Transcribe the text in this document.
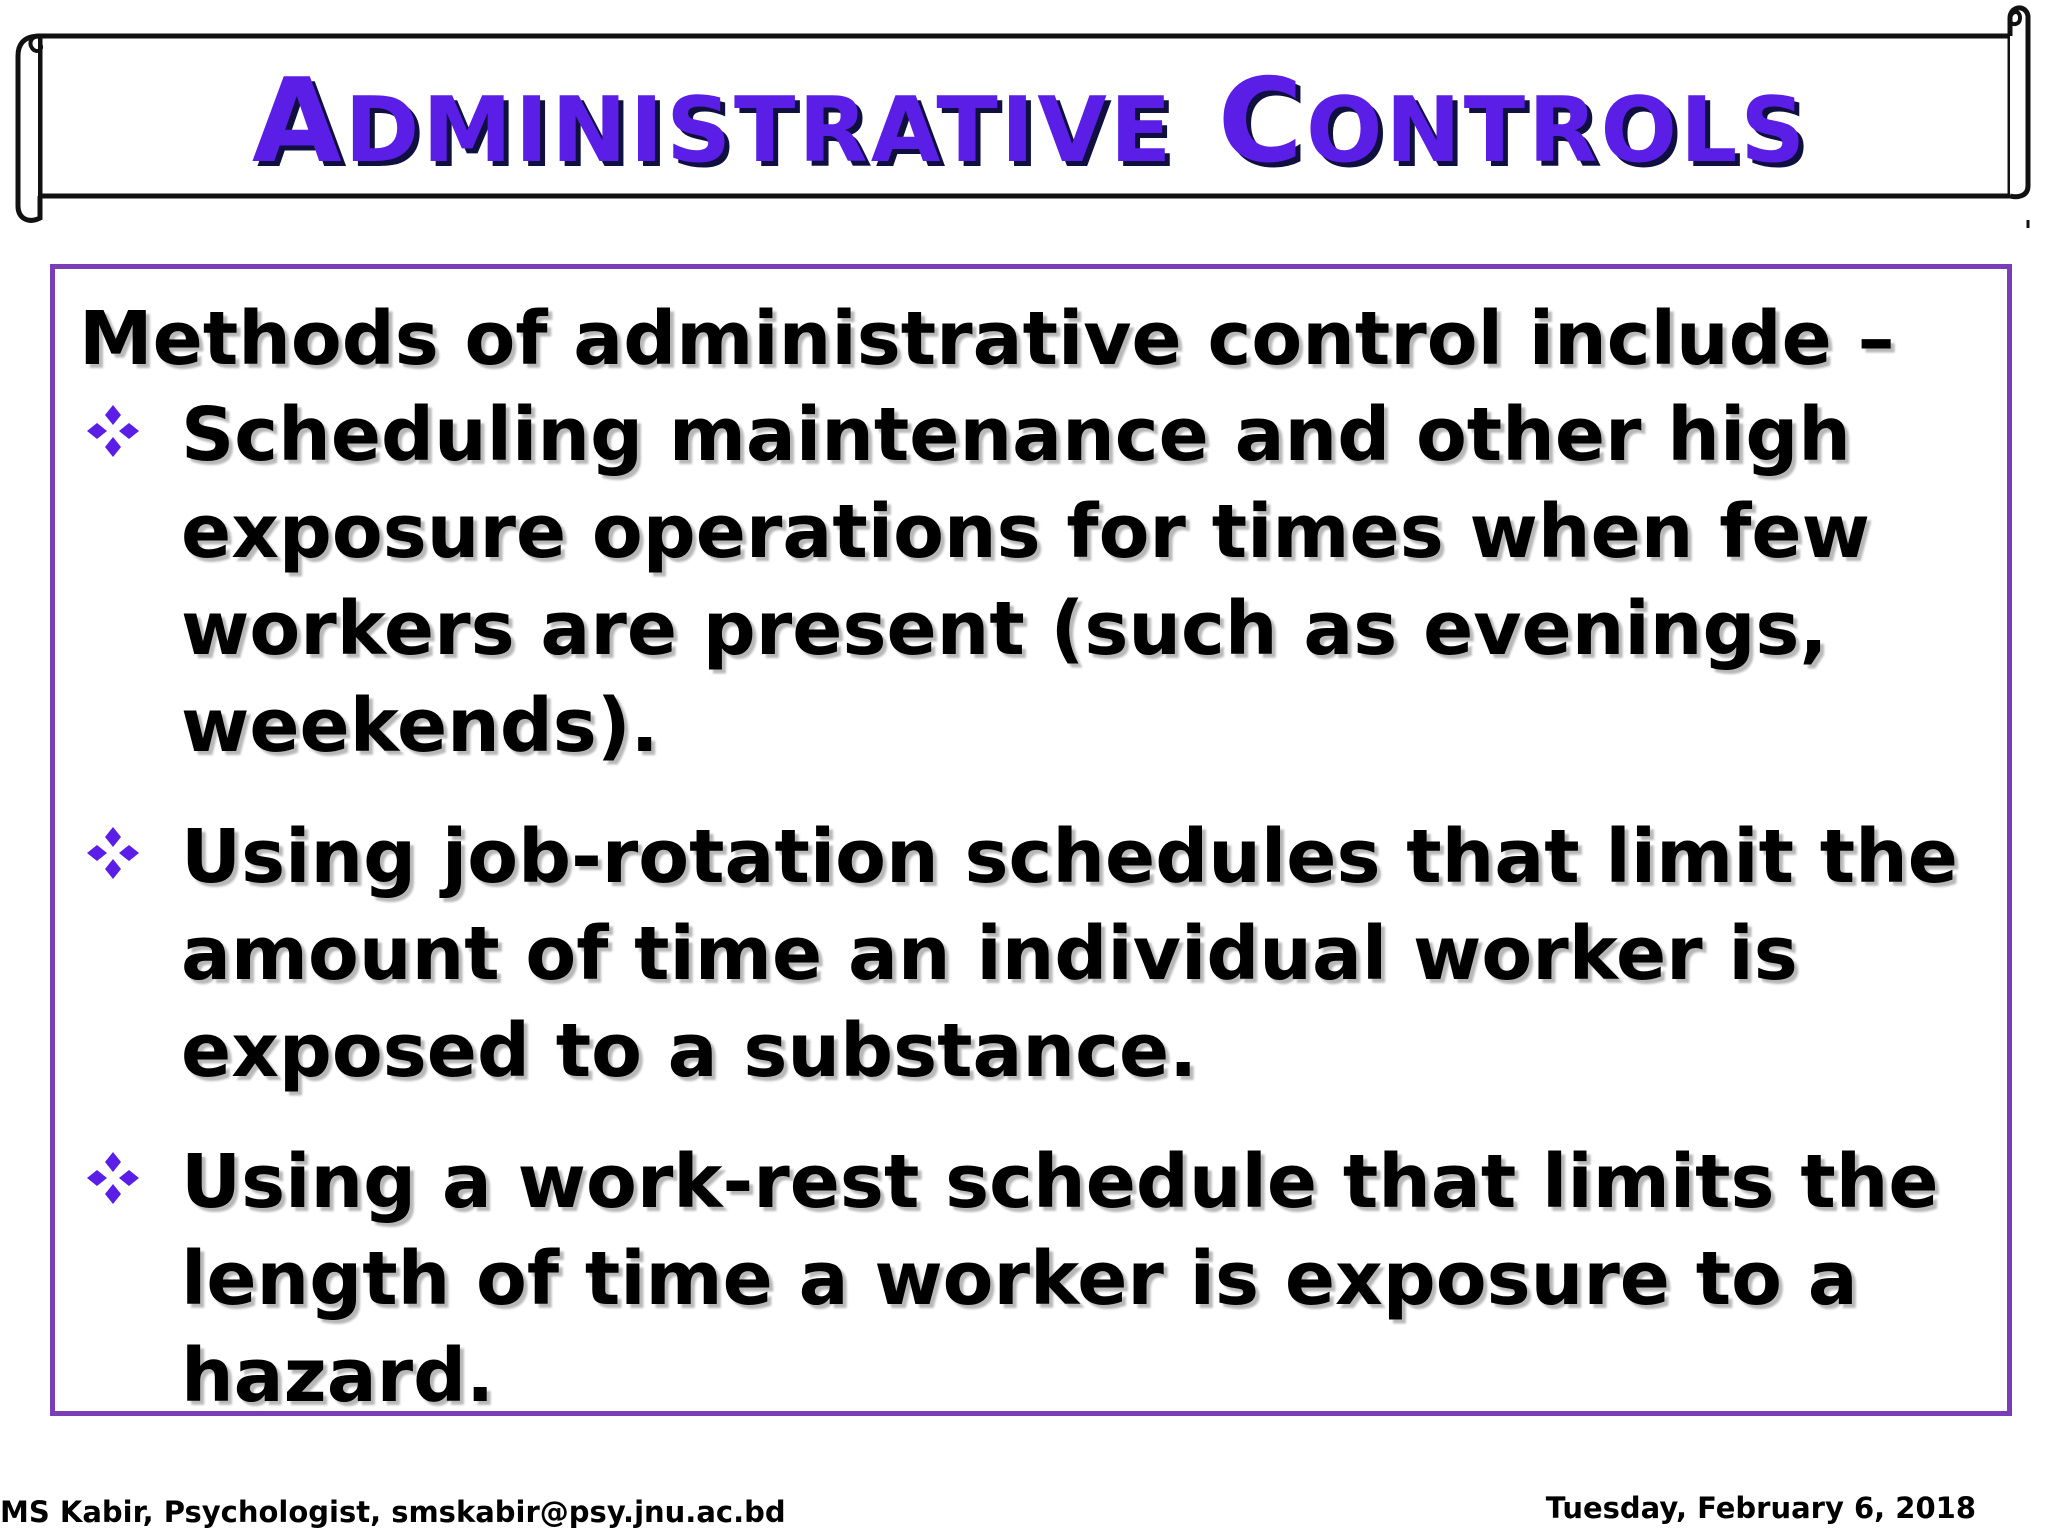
ADMINISTRATIVE CONTROLS
Methods of administrative control include –
Scheduling maintenance and other high exposure operations for times when few workers are present (such as evenings, weekends).
Using job-rotation schedules that limit the amount of time an individual worker is exposed to a substance.
Using a work-rest schedule that limits the length of time a worker is exposure to a hazard.
MS Kabir, Psychologist, smskabir@psy.jnu.ac.bd	Tuesday, February 6, 2018
